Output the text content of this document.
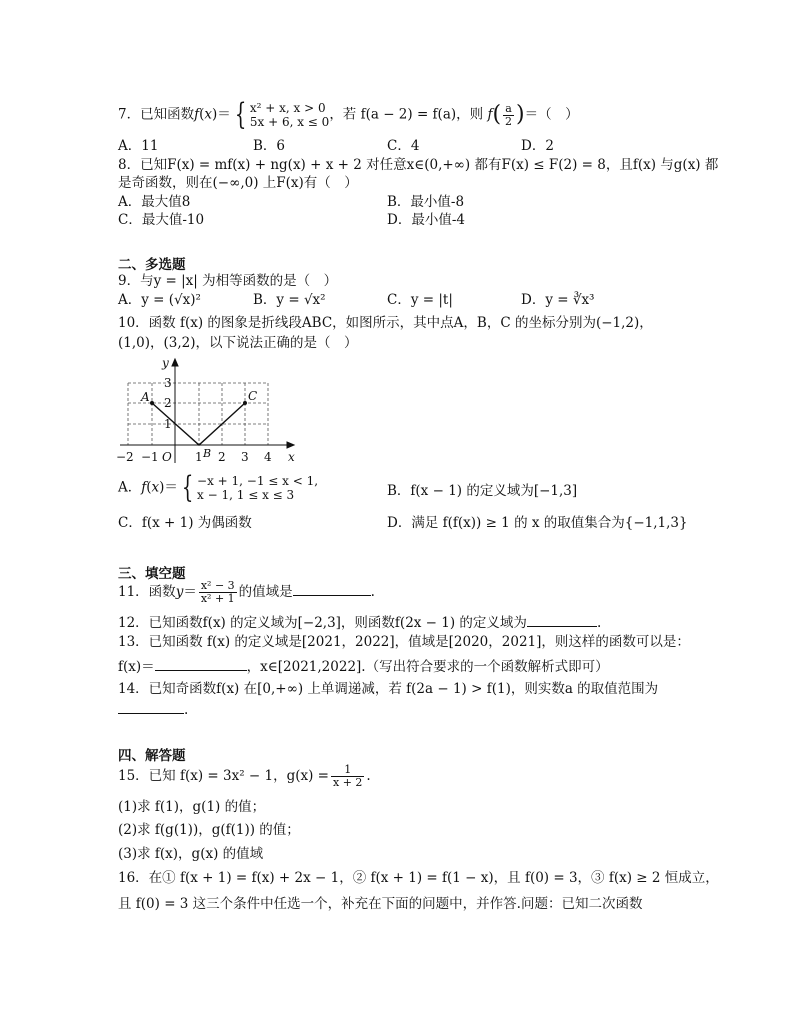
7．已知函数f(x)＝ { x² + x, x > 0
5x + 6, x ≤ 0，若 f(a − 2) = f(a)，则 $f( \frac{a}{2}$ )＝（　）
A．11	B．6	C．4	D．2
8．已知F(x) = mf(x) + ng(x) + x + 2 对任意x∈(0,+∞) 都有F(x) ≤ F(2) = 8，且f(x) 与g(x) 都
是奇函数，则在(−∞,0) 上F(x)有（　）
A．最大值8	B．最小值-8
C．最大值-10	D．最小值-4
二、多选题
9．与y = |x| 为相等函数的是（　）
A．y = (√x)²	B．y = √x²	C．y = |t|	D．y = ∛x³
10．函数 f(x) 的图象是折线段ABC，如图所示，其中点A，B，C 的坐标分别为(−1,2)，
(1,0)，(3,2)，以下说法正确的是（　）
−2 −1 O 1 2 3 4
1
2
3
x
y
A
B
C
A．f(x)＝ { −x + 1, −1 ≤ x < 1,
x − 1, 1 ≤ x ≤ 3	B．f(x − 1) 的定义域为[−1,3]
C．f(x + 1) 为偶函数	D．满足 f(f(x)) ≥ 1 的 x 的取值集合为{−1,1,3}
三、填空题
11．函数$y= \frac{\text{x² − 3}}{\text{x² + 1}}$ 的值域是	.
12．已知函数f(x) 的定义域为[−2,3]，则函数f(2x − 1) 的定义域为	.
13．已知函数 f(x) 的定义域是[2021，2022]，值域是[2020，2021]，则这样的函数可以是：
f(x)＝	，x∈[2021,2022].（写出符合要求的一个函数解析式即可）
14．已知奇函数f(x) 在[0,+∞) 上单调递减，若 f(2a − 1) > f(1)，则实数a 的取值范围为
.
四、解答题
15．已知 f(x) = 3x² − 1，$g(x) = \frac{1}{x + 2}$ .
(1)求 f(1)，g(1) 的值；
(2)求 f(g(1))，g(f(1)) 的值；
(3)求 f(x)，g(x) 的值域
16．在① f(x + 1) = f(x) + 2x − 1，② f(x + 1) = f(1 − x)，且 f(0) = 3，③ f(x) ≥ 2 恒成立，
且 f(0) = 3 这三个条件中任选一个，补充在下面的问题中，并作答.问题：已知二次函数
